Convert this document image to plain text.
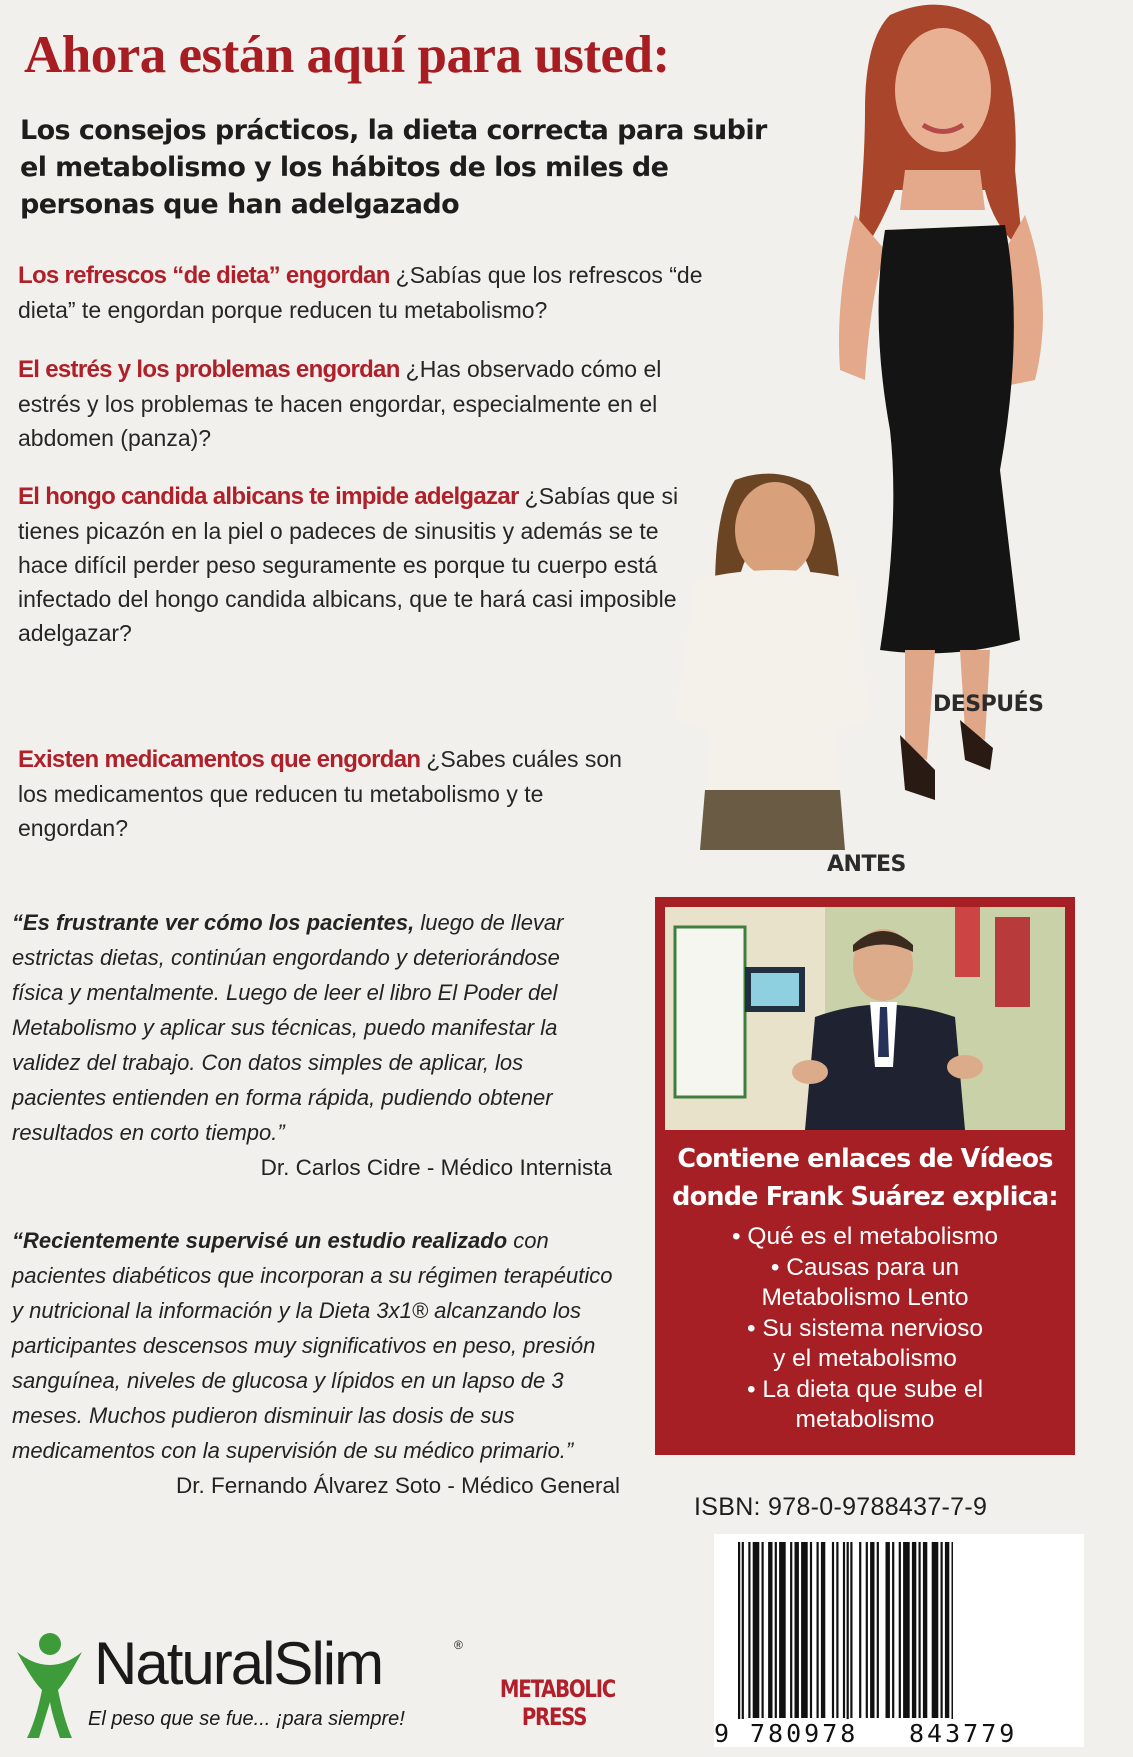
Ahora están aquí para usted:
Los consejos prácticos, la dieta correcta para subir el metabolismo y los hábitos de los miles de personas que han adelgazado
Los refrescos “de dieta” engordan ¿Sabías que los refrescos “de dieta” te engordan porque reducen tu metabolismo?
El estrés y los problemas engordan ¿Has observado cómo el estrés y los problemas te hacen engordar, especialmente en el abdomen (panza)?
El hongo candida albicans te impide adelgazar ¿Sabías que si tienes picazón en la piel o padeces de sinusitis y además se te hace difícil perder peso seguramente es porque tu cuerpo está infectado del hongo candida albicans, que te hará casi imposible adelgazar?
Existen medicamentos que engordan ¿Sabes cuáles son los medicamentos que reducen tu metabolismo y te engordan?
DESPUÉS
ANTES
“Es frustrante ver cómo los pacientes, luego de llevar estrictas dietas, continúan engordando y deteriorándose física y mentalmente. Luego de leer el libro El Poder del Metabolismo y aplicar sus técnicas, puedo manifestar la validez del trabajo. Con datos simples de aplicar, los pacientes entienden en forma rápida, pudiendo obtener resultados en corto tiempo.”
Dr. Carlos Cidre - Médico Internista
“Recientemente supervisé un estudio realizado con pacientes diabéticos que incorporan a su régimen terapéutico y nutricional la información y la Dieta 3x1® alcanzando los participantes descensos muy significativos en peso, presión sanguínea, niveles de glucosa y lípidos en un lapso de 3 meses. Muchos pudieron disminuir las dosis de sus medicamentos con la supervisión de su médico primario.”
Dr. Fernando Álvarez Soto - Médico General
Contiene enlaces de Vídeos
donde Frank Suárez explica:
• Qué es el metabolismo
• Causas para un
Metabolismo Lento
• Su sistema nervioso
y el metabolismo
• La dieta que sube el
metabolismo
ISBN: 978-0-9788437-7-9
9 780978 843779
NaturalSlim	®
El peso que se fue... ¡para siempre!
METABOLIC
PRESS
